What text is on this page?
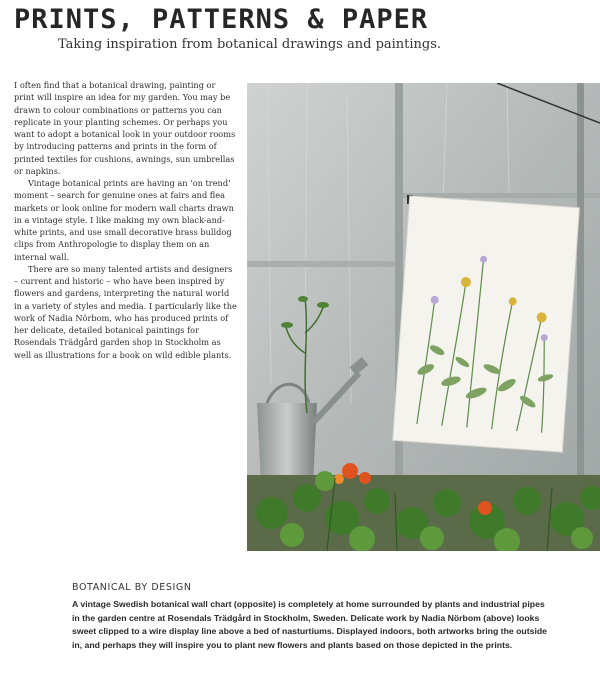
PRINTS, PATTERNS & PAPER
Taking inspiration from botanical drawings and paintings.

I often find that a botanical drawing, painting or print will inspire an idea for my garden. You may be drawn to colour combinations or patterns you can replicate in your planting schemes. Or perhaps you want to adopt a botanical look in your outdoor rooms by introducing patterns and prints in the form of printed textiles for cushions, awnings, sun umbrellas or napkins.

Vintage botanical prints are having an ‘on trend’ moment – search for genuine ones at fairs and flea markets or look online for modern wall charts drawn in a vintage style. I like making my own black-and-white prints, and use small decorative brass bulldog clips from Anthropologie to display them on an internal wall.

There are so many talented artists and designers – current and historic – who have been inspired by flowers and gardens, interpreting the natural world in a variety of styles and media. I particularly like the work of Nadia Nörbom, who has produced prints of her delicate, detailed botanical paintings for Rosendals Trädgård garden shop in Stockholm as well as illustrations for a book on wild edible plants.

BOTANICAL BY DESIGN
A vintage Swedish botanical wall chart (opposite) is completely at home surrounded by plants and industrial pipes in the garden centre at Rosendals Trädgård in Stockholm, Sweden. Delicate work by Nadia Nörbom (above) looks sweet clipped to a wire display line above a bed of nasturtiums. Displayed indoors, both artworks bring the outside in, and perhaps they will inspire you to plant new flowers and plants based on those depicted in the prints.
